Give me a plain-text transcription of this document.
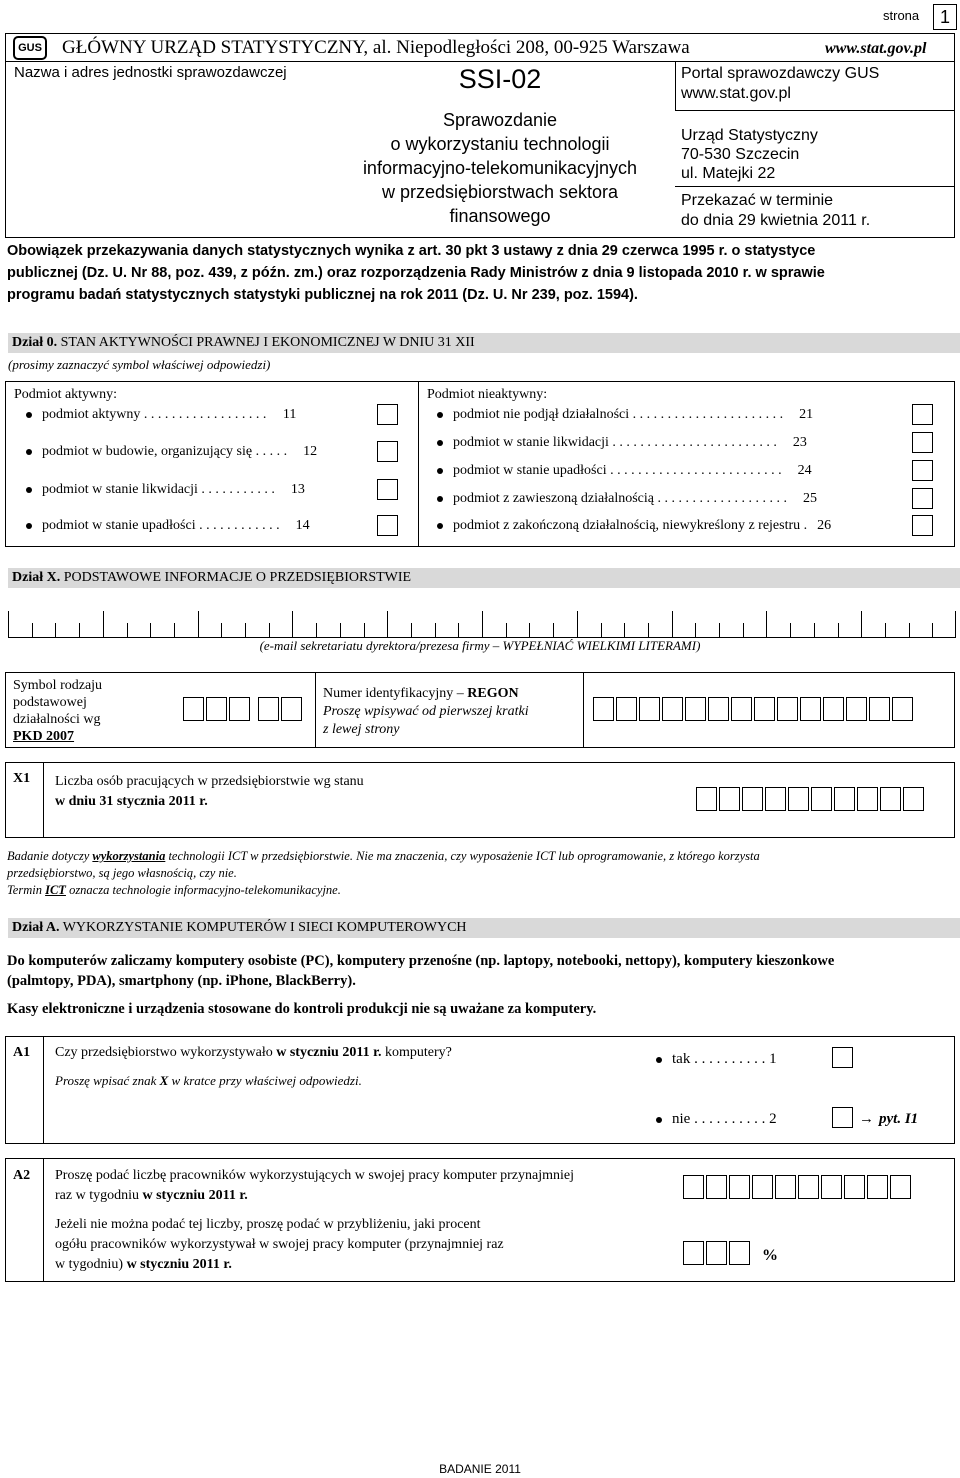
strona	1
GUS GŁÓWNY URZĄD STATYSTYCZNY, al. Niepodległości 208, 00-925 Warszawa	www.stat.gov.pl
Nazwa i adres jednostki sprawozdawczej	SSI-02
Sprawozdanie
o wykorzystaniu technologii
informacyjno-telekomunikacyjnych
w przedsiębiorstwach sektora
finansowego
Portal sprawozdawczy GUS
www.stat.gov.pl
Urząd Statystyczny
70-530 Szczecin
ul. Matejki 22
Przekazać w terminie
do dnia 29 kwietnia 2011 r.
Obowiązek przekazywania danych statystycznych wynika z art. 30 pkt 3 ustawy z dnia 29 czerwca 1995 r. o statystyce
publicznej (Dz. U. Nr 88, poz. 439, z późn. zm.) oraz rozporządzenia Rady Ministrów z dnia 9 listopada 2010 r. w sprawie
programu badań statystycznych statystyki publicznej na rok 2011 (Dz. U. Nr 239, poz. 1594).
Dział 0. STAN AKTYWNOŚCI PRAWNEJ I EKONOMICZNEJ W DNIU 31 XII
(prosimy zaznaczyć symbol właściwej odpowiedzi)
Podmiot aktywny:	Podmiot nieaktywny:
podmiot aktywny . . . . . . . . . . . . . . . . . . 11
podmiot w budowie, organizujący się . . . . . 12
podmiot w stanie likwidacji . . . . . . . . . . . 13
podmiot w stanie upadłości . . . . . . . . . . . . 14
podmiot nie podjął działalności . . . . . . . . . . . . . . . . . . . . . . 21
podmiot w stanie likwidacji . . . . . . . . . . . . . . . . . . . . . . . . 23
podmiot w stanie upadłości . . . . . . . . . . . . . . . . . . . . . . . . . 24
podmiot z zawieszoną działalnością . . . . . . . . . . . . . . . . . . . 25
podmiot z zakończoną działalnością, niewykreślony z rejestru . 26
Dział X. PODSTAWOWE INFORMACJE O PRZEDSIĘBIORSTWIE
(e-mail sekretariatu dyrektora/prezesa firmy – WYPEŁNIAĆ WIELKIMI LITERAMI)
Symbol rodzaju
podstawowej
działalności wg
PKD 2007
Numer identyfikacyjny – REGON
Proszę wpisywać od pierwszej kratki
z lewej strony
X1 Liczba osób pracujących w przedsiębiorstwie wg stanu
w dniu 31 stycznia 2011 r.
Badanie dotyczy wykorzystania technologii ICT w przedsiębiorstwie. Nie ma znaczenia, czy wyposażenie ICT lub oprogramowanie, z którego korzysta
przedsiębiorstwo, są jego własnością, czy nie.
Termin ICT oznacza technologie informacyjno-telekomunikacyjne.
Dział A. WYKORZYSTANIE KOMPUTERÓW I SIECI KOMPUTEROWYCH
Do komputerów zaliczamy komputery osobiste (PC), komputery przenośne (np. laptopy, notebooki, nettopy), komputery kieszonkowe
(palmtopy, PDA), smartphony (np. iPhone, BlackBerry).
Kasy elektroniczne i urządzenia stosowane do kontroli produkcji nie są uważane za komputery.
A1 Czy przedsiębiorstwo wykorzystywało w styczniu 2011 r. komputery?
Proszę wpisać znak X w kratce przy właściwej odpowiedzi.
tak . . . . . . . . . . 1
nie . . . . . . . . . . 2	→ pyt. I1
A2 Proszę podać liczbę pracowników wykorzystujących w swojej pracy komputer przynajmniej
raz w tygodniu w styczniu 2011 r.
Jeżeli nie można podać tej liczby, proszę podać w przybliżeniu, jaki procent
ogółu pracowników wykorzystywał w swojej pracy komputer (przynajmniej raz
w tygodniu) w styczniu 2011 r.
%
BADANIE 2011
